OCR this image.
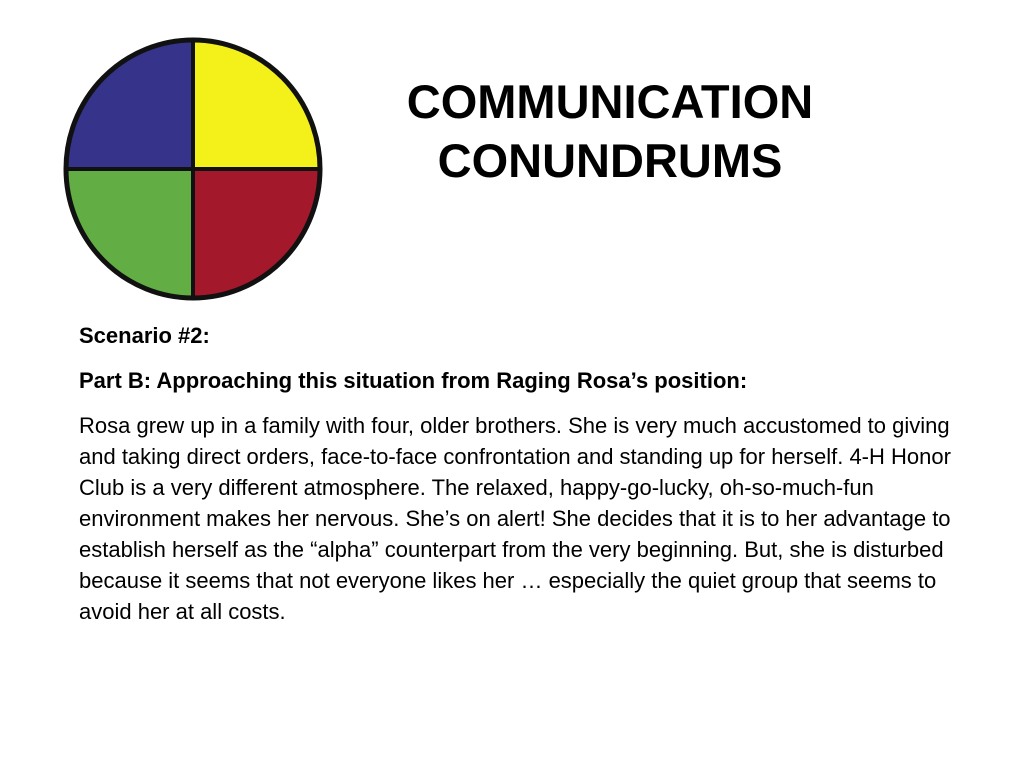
COMMUNICATION
CONUNDRUMS

Scenario #2:

Part B: Approaching this situation from Raging Rosa’s position:

Rosa grew up in a family with four, older brothers. She is very much accustomed to giving and taking direct orders, face-to-face confrontation and standing up for herself. 4-H Honor Club is a very different atmosphere. The relaxed, happy-go-lucky, oh-so-much-fun environment makes her nervous. She’s on alert! She decides that it is to her advantage to establish herself as the “alpha” counterpart from the very beginning. But, she is disturbed because it seems that not everyone likes her … especially the quiet group that seems to avoid her at all costs.
